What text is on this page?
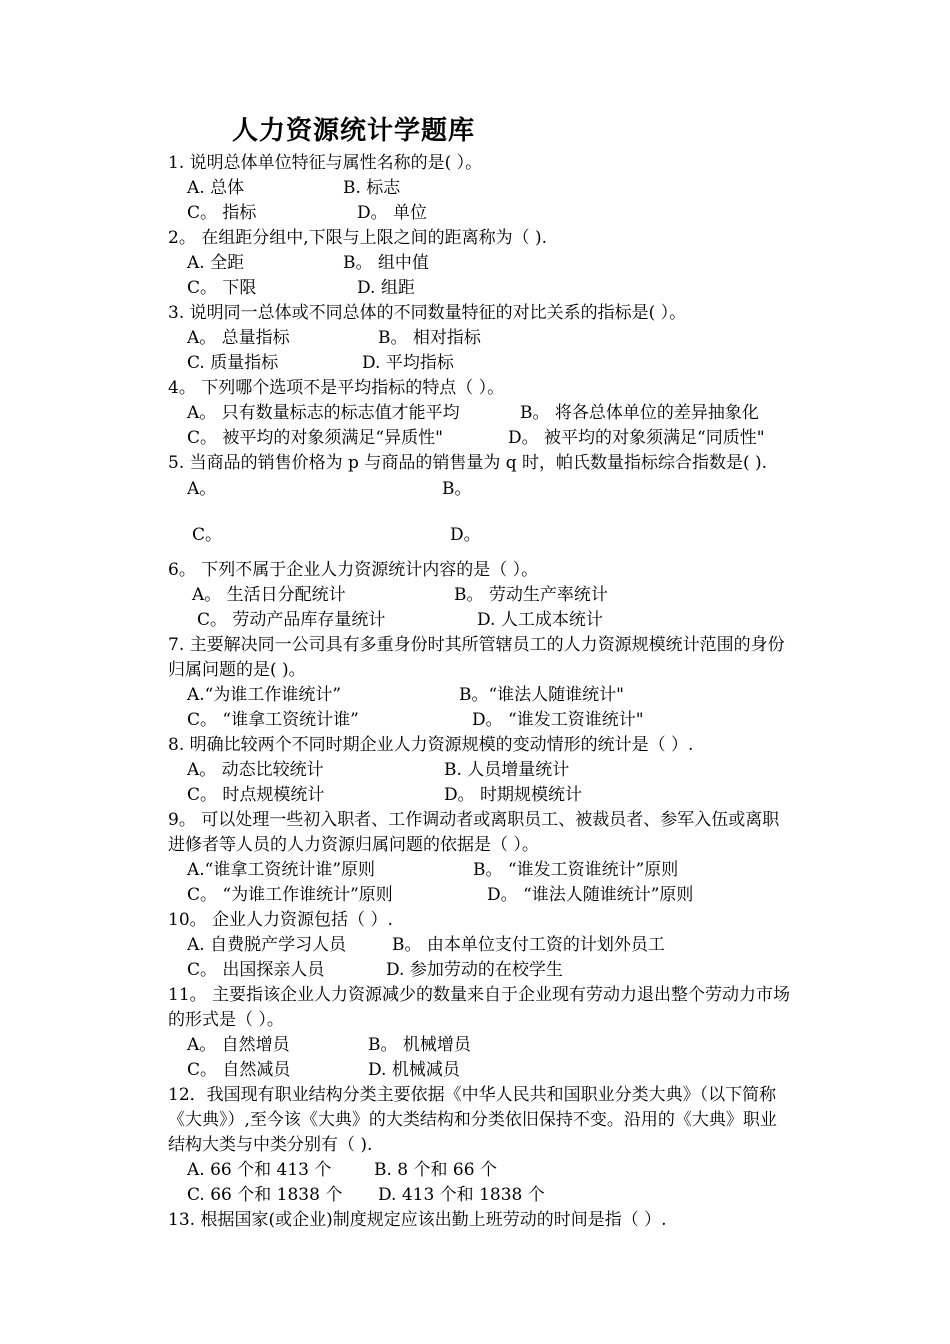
人力资源统计学题库
1. 说明总体单位特征与属性名称的是( ）。
A. 总体	B. 标志
C。 指标	D。 单位
2。 在组距分组中,下限与上限之间的距离称为（ ).
A. 全距	B。 组中值
C。 下限	D. 组距
3. 说明同一总体或不同总体的不同数量特征的对比关系的指标是( ）。
A。 总量指标	B。 相对指标
C. 质量指标	D. 平均指标
4。 下列哪个选项不是平均指标的特点（ ）。
A。 只有数量标志的标志值才能平均	B。 将各总体单位的差异抽象化
C。 被平均的对象须满足“异质性"	D。 被平均的对象须满足“同质性"
5. 当商品的销售价格为 p 与商品的销售量为 q 时，帕氏数量指标综合指数是( ).
A。	B。
C。	D。
6。 下列不属于企业人力资源统计内容的是（ ）。
A。 生活日分配统计	B。 劳动生产率统计
C。 劳动产品库存量统计	D. 人工成本统计
7. 主要解决同一公司具有多重身份时其所管辖员工的人力资源规模统计范围的身份
归属问题的是( )。
A.“为谁工作谁统计”	B。“谁法人随谁统计"
C。 “谁拿工资统计谁”	D。 “谁发工资谁统计"
8. 明确比较两个不同时期企业人力资源规模的变动情形的统计是（ ）.
A。 动态比较统计	B. 人员增量统计
C。 时点规模统计	D。 时期规模统计
9。 可以处理一些初入职者、工作调动者或离职员工、被裁员者、参军入伍或离职
进修者等人员的人力资源归属问题的依据是（ ）。
A.“谁拿工资统计谁”原则	B。 “谁发工资谁统计”原则
C。 “为谁工作谁统计”原则	D。 “谁法人随谁统计”原则
10。 企业人力资源包括（ ）.
A. 自费脱产学习人员	B。 由本单位支付工资的计划外员工
C。 出国探亲人员	D. 参加劳动的在校学生
11。 主要指该企业人力资源减少的数量来自于企业现有劳动力退出整个劳动力市场
的形式是（ ）。
A。 自然增员	B。 机械增员
C。 自然减员	D. 机械减员
12．我国现有职业结构分类主要依据《中华人民共和国职业分类大典》（以下简称
《大典》）,至今该《大典》的大类结构和分类依旧保持不变。沿用的《大典》职业
结构大类与中类分别有（ ).
A. 66 个和 413 个	B. 8 个和 66 个
C. 66 个和 1838 个 D. 413 个和 1838 个
13. 根据国家(或企业)制度规定应该出勤上班劳动的时间是指（ ）.
